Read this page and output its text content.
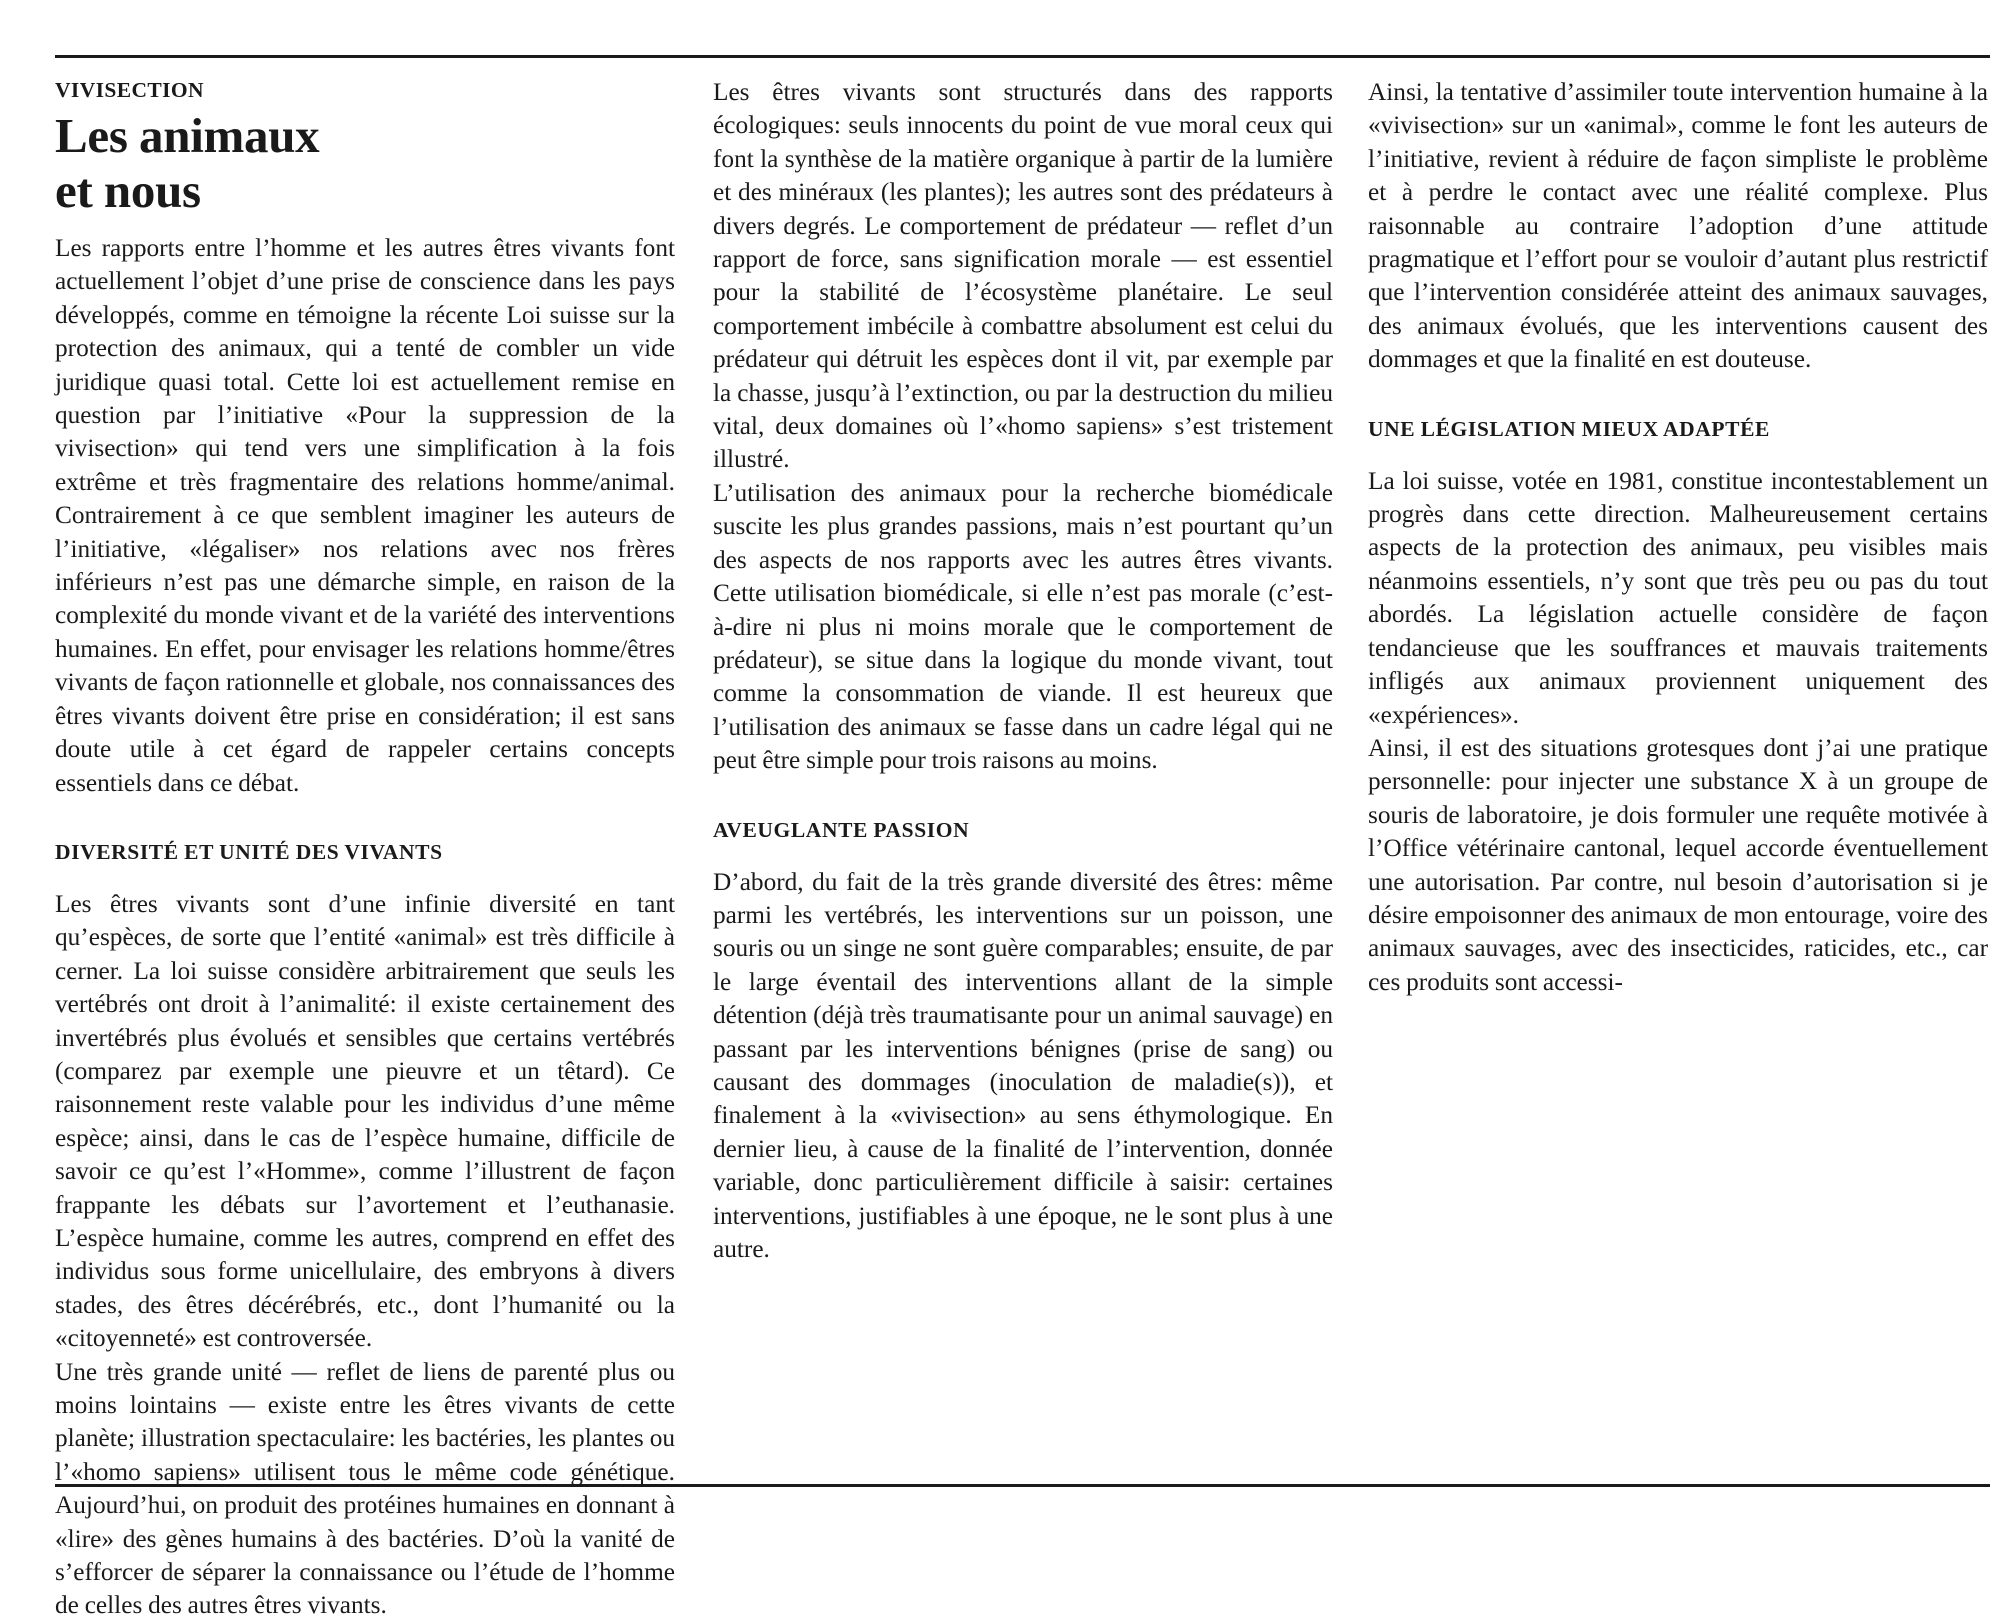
VIVISECTION
Les animaux
et nous

Les rapports entre l’homme et les autres êtres vivants font actuellement l’objet d’une prise de conscience dans les pays développés, comme en témoigne la récente Loi suisse sur la protection des animaux, qui a tenté de combler un vide juridique quasi total. Cette loi est actuellement remise en question par l’initiative «Pour la suppression de la vivisection» qui tend vers une simplification à la fois extrême et très fragmentaire des relations homme/animal. Contrairement à ce que semblent imaginer les auteurs de l’initiative, «légaliser» nos relations avec nos frères inférieurs n’est pas une démarche simple, en raison de la complexité du monde vivant et de la variété des interventions humaines. En effet, pour envisager les relations homme/êtres vivants de façon rationnelle et globale, nos connaissances des êtres vivants doivent être prise en considération; il est sans doute utile à cet égard de rappeler certains concepts essentiels dans ce débat.

DIVERSITÉ ET UNITÉ DES VIVANTS

Les êtres vivants sont d’une infinie diversité en tant qu’espèces, de sorte que l’entité «animal» est très difficile à cerner. La loi suisse considère arbitrairement que seuls les vertébrés ont droit à l’animalité: il existe certainement des invertébrés plus évolués et sensibles que certains vertébrés (comparez par exemple une pieuvre et un têtard). Ce raisonnement reste valable pour les individus d’une même espèce; ainsi, dans le cas de l’espèce humaine, difficile de savoir ce qu’est l’«Homme», comme l’illustrent de façon frappante les débats sur l’avortement et l’euthanasie. L’espèce humaine, comme les autres, comprend en effet des individus sous forme unicellulaire, des embryons à divers stades, des êtres décérébrés, etc., dont l’humanité ou la «citoyenneté» est controversée.

Une très grande unité — reflet de liens de parenté plus ou moins lointains — existe entre les êtres vivants de cette planète; illustration spectaculaire: les bactéries, les plantes ou l’«homo sapiens» utilisent tous le même code génétique. Aujourd’hui, on produit des protéines humaines en donnant à «lire» des gènes humains à des bactéries. D’où la vanité de s’efforcer de séparer la connaissance ou l’étude de l’homme de celles des autres êtres vivants.

Les êtres vivants sont structurés dans des rapports écologiques: seuls innocents du point de vue moral ceux qui font la synthèse de la matière organique à partir de la lumière et des minéraux (les plantes); les autres sont des prédateurs à divers degrés. Le comportement de prédateur — reflet d’un rapport de force, sans signification morale — est essentiel pour la stabilité de l’écosystème planétaire. Le seul comportement imbécile à combattre absolument est celui du prédateur qui détruit les espèces dont il vit, par exemple par la chasse, jusqu’à l’extinction, ou par la destruction du milieu vital, deux domaines où l’«homo sapiens» s’est tristement illustré.

L’utilisation des animaux pour la recherche biomédicale suscite les plus grandes passions, mais n’est pourtant qu’un des aspects de nos rapports avec les autres êtres vivants. Cette utilisation biomédicale, si elle n’est pas morale (c’est-à-dire ni plus ni moins morale que le comportement de prédateur), se situe dans la logique du monde vivant, tout comme la consommation de viande. Il est heureux que l’utilisation des animaux se fasse dans un cadre légal qui ne peut être simple pour trois raisons au moins.

AVEUGLANTE PASSION

D’abord, du fait de la très grande diversité des êtres: même parmi les vertébrés, les interventions sur un poisson, une souris ou un singe ne sont guère comparables; ensuite, de par le large éventail des interventions allant de la simple détention (déjà très traumatisante pour un animal sauvage) en passant par les interventions bénignes (prise de sang) ou causant des dommages (inoculation de maladie(s)), et finalement à la «vivisection» au sens éthymologique. En dernier lieu, à cause de la finalité de l’intervention, donnée variable, donc particulièrement difficile à saisir: certaines interventions, justifiables à une époque, ne le sont plus à une autre.

Ainsi, la tentative d’assimiler toute intervention humaine à la «vivisection» sur un «animal», comme le font les auteurs de l’initiative, revient à réduire de façon simpliste le problème et à perdre le contact avec une réalité complexe. Plus raisonnable au contraire l’adoption d’une attitude pragmatique et l’effort pour se vouloir d’autant plus restrictif que l’intervention considérée atteint des animaux sauvages, des animaux évolués, que les interventions causent des dommages et que la finalité en est douteuse.

UNE LÉGISLATION MIEUX ADAPTÉE

La loi suisse, votée en 1981, constitue incontestablement un progrès dans cette direction. Malheureusement certains aspects de la protection des animaux, peu visibles mais néanmoins essentiels, n’y sont que très peu ou pas du tout abordés. La législation actuelle considère de façon tendancieuse que les souffrances et mauvais traitements infligés aux animaux proviennent uniquement des «expériences».

Ainsi, il est des situations grotesques dont j’ai une pratique personnelle: pour injecter une substance X à un groupe de souris de laboratoire, je dois formuler une requête motivée à l’Office vétérinaire cantonal, lequel accorde éventuellement une autorisation. Par contre, nul besoin d’autorisation si je désire empoisonner des animaux de mon entourage, voire des animaux sauvages, avec des insecticides, raticides, etc., car ces produits sont accessi-
